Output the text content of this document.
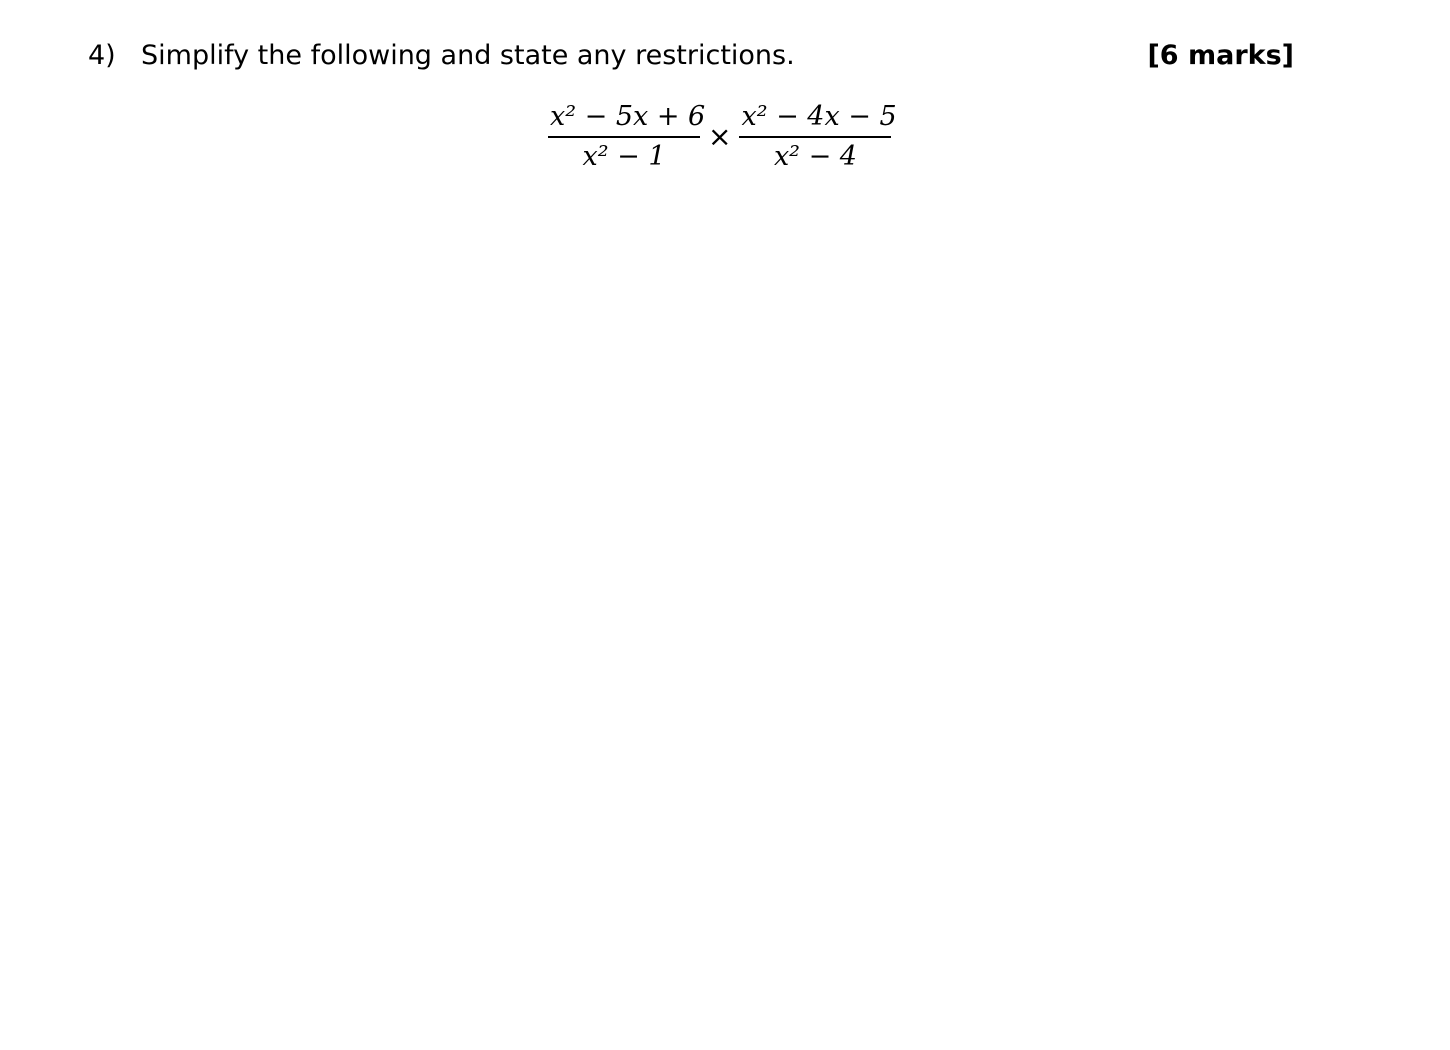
4) Simplify the following and state any restrictions.	[6 marks]
$\frac{\text{x² − 5x + 6}}{\text{x² − 1}} \times \frac{\text{x² − 4x − 5}}{\text{x² − 4}}$
